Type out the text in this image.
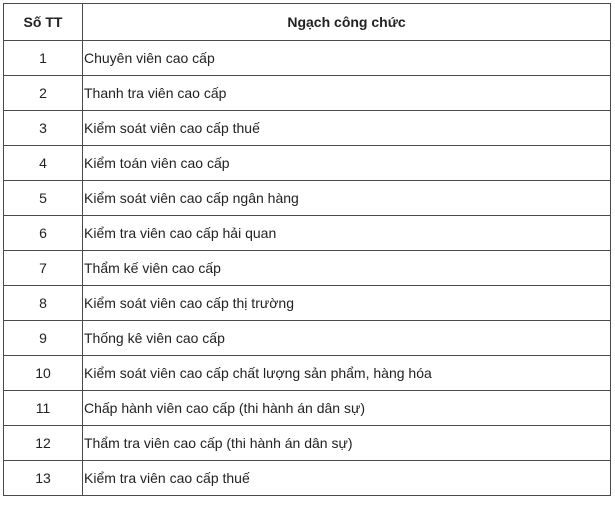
Số TT	Ngạch công chức
1	Chuyên viên cao cấp
2	Thanh tra viên cao cấp
3	Kiểm soát viên cao cấp thuế
4	Kiểm toán viên cao cấp
5	Kiểm soát viên cao cấp ngân hàng
6	Kiểm tra viên cao cấp hải quan
7	Thẩm kế viên cao cấp
8	Kiểm soát viên cao cấp thị trường
9	Thống kê viên cao cấp
10	Kiểm soát viên cao cấp chất lượng sản phẩm, hàng hóa
11	Chấp hành viên cao cấp (thi hành án dân sự)
12	Thẩm tra viên cao cấp (thi hành án dân sự)
13	Kiểm tra viên cao cấp thuế
